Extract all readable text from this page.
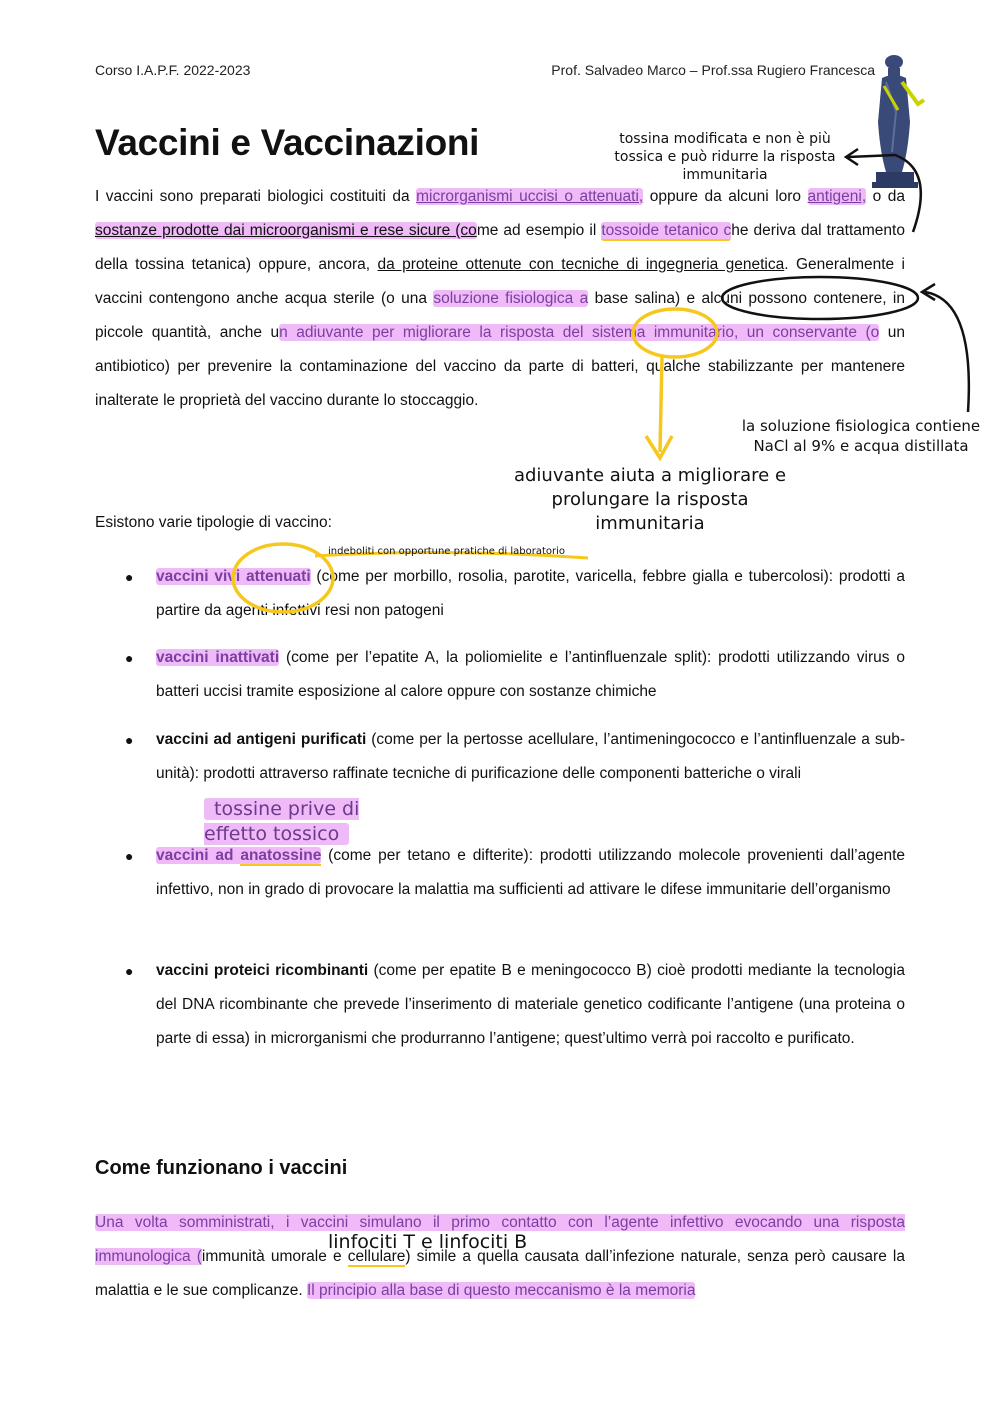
Corso I.A.P.F. 2022-2023	Prof. Salvadeo Marco – Prof.ssa Rugiero Francesca
Vaccini e Vaccinazioni

I vaccini sono preparati biologici costituiti da microrganismi uccisi o attenuati, oppure da alcuni loro antigeni, o da sostanze prodotte dai microorganismi e rese sicure (come ad esempio il tossoide tetanico che deriva dal trattamento della tossina tetanica) oppure, ancora, da proteine ottenute con tecniche di ingegneria genetica. Generalmente i vaccini contengono anche acqua sterile (o una soluzione fisiologica a base salina) e alcuni possono contenere, in piccole quantità, anche un adiuvante per migliorare la risposta del sistema immunitario, un conservante (o un antibiotico) per prevenire la contaminazione del vaccino da parte di batteri, qualche stabilizzante per mantenere inalterate le proprietà del vaccino durante lo stoccaggio.

Esistono varie tipologie di vaccino:
● vaccini vivi attenuati (come per morbillo, rosolia, parotite, varicella, febbre gialla e tubercolosi): prodotti a partire da agenti infettivi resi non patogeni
● vaccini inattivati (come per l’epatite A, la poliomielite e l’antinfluenzale split): prodotti utilizzando virus o batteri uccisi tramite esposizione al calore oppure con sostanze chimiche
● vaccini ad antigeni purificati (come per la pertosse acellulare, l’antimeningococco e l’antinfluenzale a sub-unità): prodotti attraverso raffinate tecniche di purificazione delle componenti batteriche o virali
● vaccini ad anatossine (come per tetano e difterite): prodotti utilizzando molecole provenienti dall’agente infettivo, non in grado di provocare la malattia ma sufficienti ad attivare le difese immunitarie dell’organismo
● vaccini proteici ricombinanti (come per epatite B e meningococco B) cioè prodotti mediante la tecnologia del DNA ricombinante che prevede l’inserimento di materiale genetico codificante l’antigene (una proteina o parte di essa) in microrganismi che produrranno l’antigene; quest’ultimo verrà poi raccolto e purificato.
Come funzionano i vaccini

Una volta somministrati, i vaccini simulano il primo contatto con l’agente infettivo evocando una risposta immunologica (immunità umorale e cellulare) simile a quella causata dall’infezione naturale, senza però causare la malattia e le sue complicanze. Il principio alla base di questo meccanismo è la memoria

tossina modificata e non è più tossica e può ridurre la risposta immunitaria
la soluzione fisiologica contiene NaCl al 9% e acqua distillata
adiuvante aiuta a migliorare e prolungare la risposta immunitaria
indeboliti con opportune pratiche di laboratorio
tossine prive di effetto tossico
linfociti T e linfociti B
